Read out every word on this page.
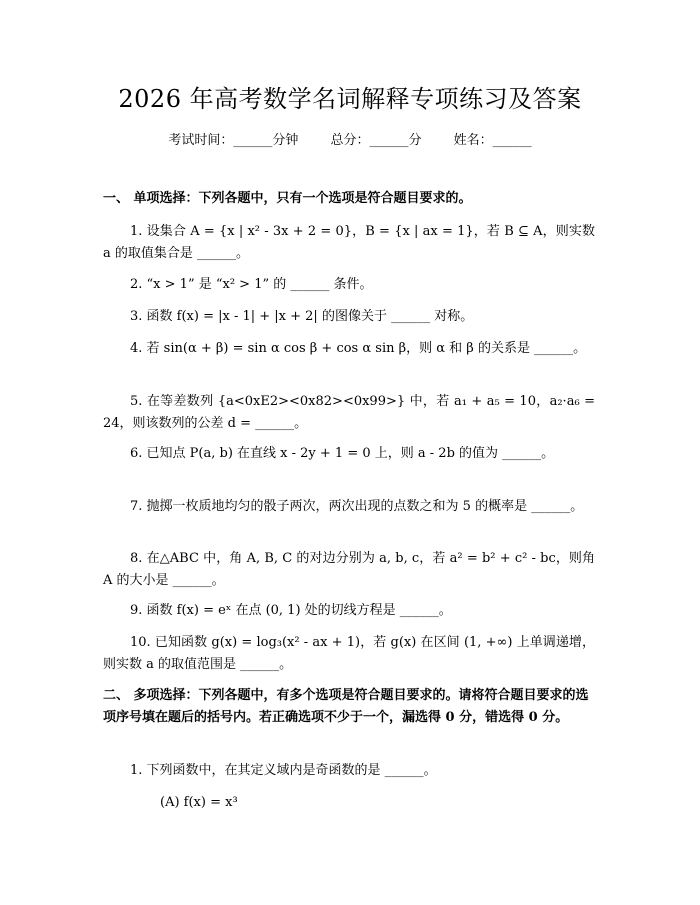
2026 年高考数学名词解释专项练习及答案
考试时间：______分钟 总分：______分 姓名：______
一、 单项选择：下列各题中，只有一个选项是符合题目要求的。
1. 设集合 A = {x | x² - 3x + 2 = 0}，B = {x | ax = 1}，若 B ⊆ A，则实数 a 的取值集合是 ______。
2. “x > 1” 是 “x² > 1” 的 ______ 条件。
3. 函数 f(x) = |x - 1| + |x + 2| 的图像关于 ______ 对称。
4. 若 sin(α + β) = sin α cos β + cos α sin β，则 α 和 β 的关系是 ______。
5. 在等差数列 {a<0xE2><0x82><0x99>} 中，若 a₁ + a₅ = 10，a₂·a₆ = 24，则该数列的公差 d = ______。
6. 已知点 P(a, b) 在直线 x - 2y + 1 = 0 上，则 a - 2b 的值为 ______。
7. 抛掷一枚质地均匀的骰子两次，两次出现的点数之和为 5 的概率是 ______。
8. 在△ABC 中，角 A, B, C 的对边分别为 a, b, c，若 a² = b² + c² - bc，则角 A 的大小是 ______。
9. 函数 f(x) = eˣ 在点 (0, 1) 处的切线方程是 ______。
10. 已知函数 g(x) = log₃(x² - ax + 1)，若 g(x) 在区间 (1, +∞) 上单调递增，则实数 a 的取值范围是 ______。
二、 多项选择：下列各题中，有多个选项是符合题目要求的。请将符合题目要求的选项序号填在题后的括号内。若正确选项不少于一个，漏选得 0 分，错选得 0 分。
1. 下列函数中，在其定义域内是奇函数的是 ______。
(A) f(x) = x³
